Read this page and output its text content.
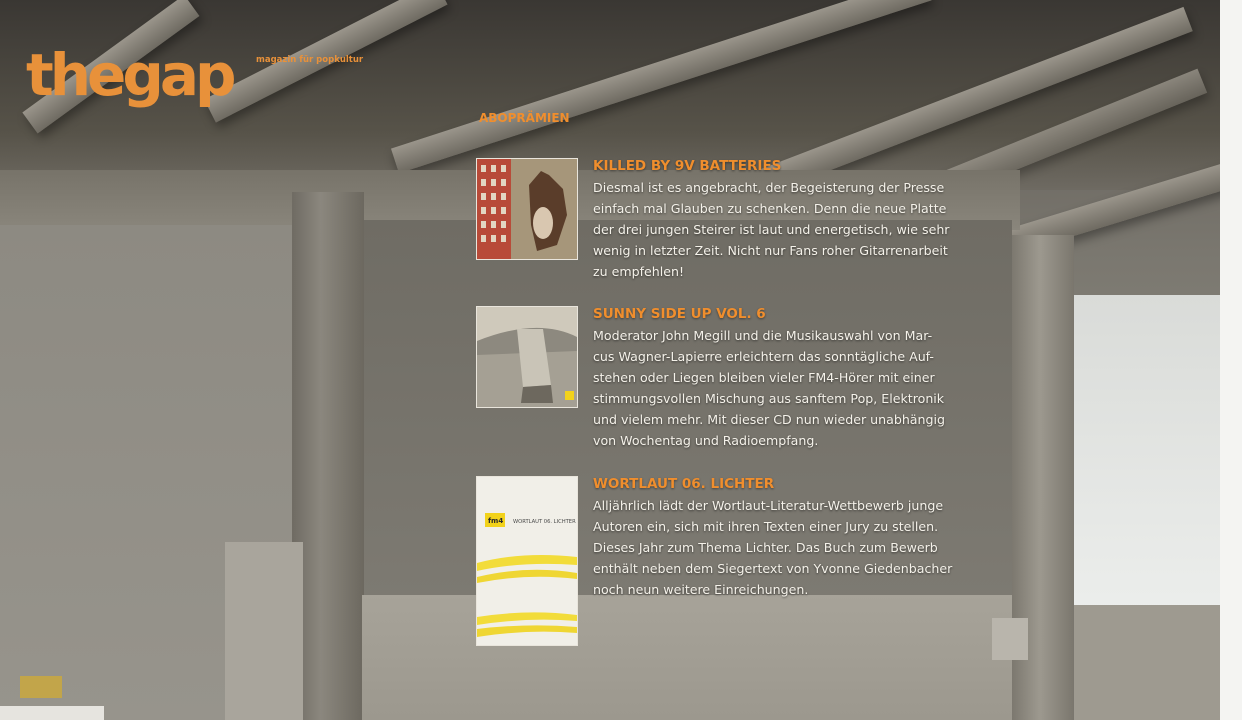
thegap	magazin für popkultur
ABOPRÄMIEN
KILLED BY 9V BATTERIES

Diesmal ist es angebracht, der Begeisterung der Presse
einfach mal Glauben zu schenken. Denn die neue Platte
der drei jungen Steirer ist laut und energetisch, wie sehr
wenig in letzter Zeit. Nicht nur Fans roher Gitarrenarbeit
zu empfehlen!

SUNNY SIDE UP VOL. 6

Moderator John Megill und die Musikauswahl von Mar-
cus Wagner-Lapierre erleichtern das sonntägliche Auf-
stehen oder Liegen bleiben vieler FM4-Hörer mit einer
stimmungsvollen Mischung aus sanftem Pop, Elektronik
und vielem mehr. Mit dieser CD nun wieder unabhängig
von Wochentag und Radioempfang.

fm4 WORTLAUT 06. LICHTER
WORTLAUT 06. LICHTER

Alljährlich lädt der Wortlaut-Literatur-Wettbewerb junge
Autoren ein, sich mit ihren Texten einer Jury zu stellen.
Dieses Jahr zum Thema Lichter. Das Buch zum Bewerb
enthält neben dem Siegertext von Yvonne Giedenbacher
noch neun weitere Einreichungen.
